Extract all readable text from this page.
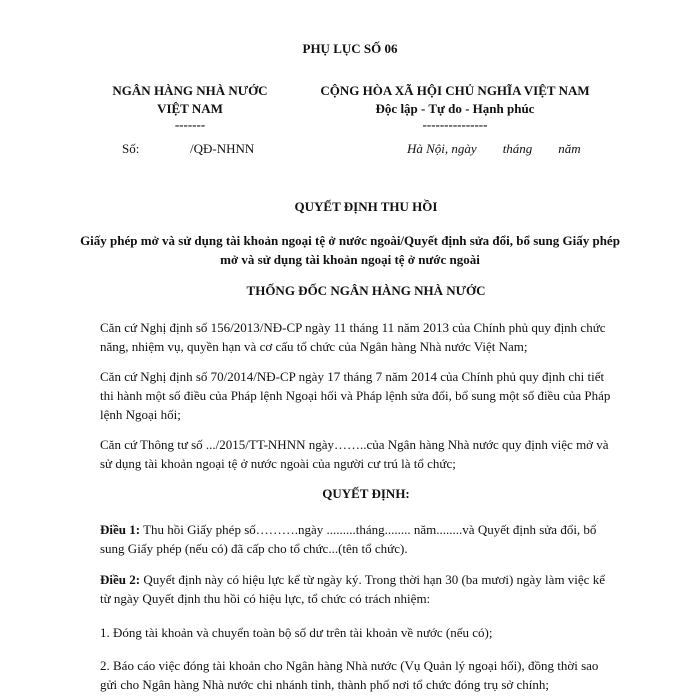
PHỤ LỤC SỐ 06
NGÂN HÀNG NHÀ NƯỚC
VIỆT NAM
-------
CỘNG HÒA XÃ HỘI CHỦ NGHĨA VIỆT NAM
Độc lập - Tự do - Hạnh phúc
---------------
Số:	/QĐ-NHNN	Hà Nội, ngày        tháng        năm
QUYẾT ĐỊNH THU HỒI
Giấy phép mở và sử dụng tài khoản ngoại tệ ở nước ngoài/Quyết định sửa đổi, bổ sung Giấy phép mở và sử dụng tài khoản ngoại tệ ở nước ngoài
THỐNG ĐỐC NGÂN HÀNG NHÀ NƯỚC
Căn cứ Nghị định số 156/2013/NĐ-CP ngày 11 tháng 11 năm 2013 của Chính phủ quy định chức năng, nhiệm vụ, quyền hạn và cơ cấu tổ chức của Ngân hàng Nhà nước Việt Nam;
Căn cứ Nghị định số 70/2014/NĐ-CP ngày 17 tháng 7 năm 2014 của Chính phủ quy định chi tiết thi hành một số điều của Pháp lệnh Ngoại hối và Pháp lệnh sửa đổi, bổ sung một số điều của Pháp lệnh Ngoại hối;
Căn cứ Thông tư số .../2015/TT-NHNN ngày……..của Ngân hàng Nhà nước quy định việc mở và sử dụng tài khoản ngoại tệ ở nước ngoài của người cư trú là tổ chức;
QUYẾT ĐỊNH:
Điều 1: Thu hồi Giấy phép số……….ngày .........tháng........ năm........và Quyết định sửa đổi, bổ sung Giấy phép (nếu có) đã cấp cho tổ chức...(tên tổ chức).
Điều 2: Quyết định này có hiệu lực kể từ ngày ký. Trong thời hạn 30 (ba mươi) ngày làm việc kể từ ngày Quyết định thu hồi có hiệu lực, tổ chức có trách nhiệm:
1. Đóng tài khoản và chuyển toàn bộ số dư trên tài khoản về nước (nếu có);
2. Báo cáo việc đóng tài khoản cho Ngân hàng Nhà nước (Vụ Quản lý ngoại hối), đồng thời sao gửi cho Ngân hàng Nhà nước chi nhánh tỉnh, thành phố nơi tổ chức đóng trụ sở chính;
